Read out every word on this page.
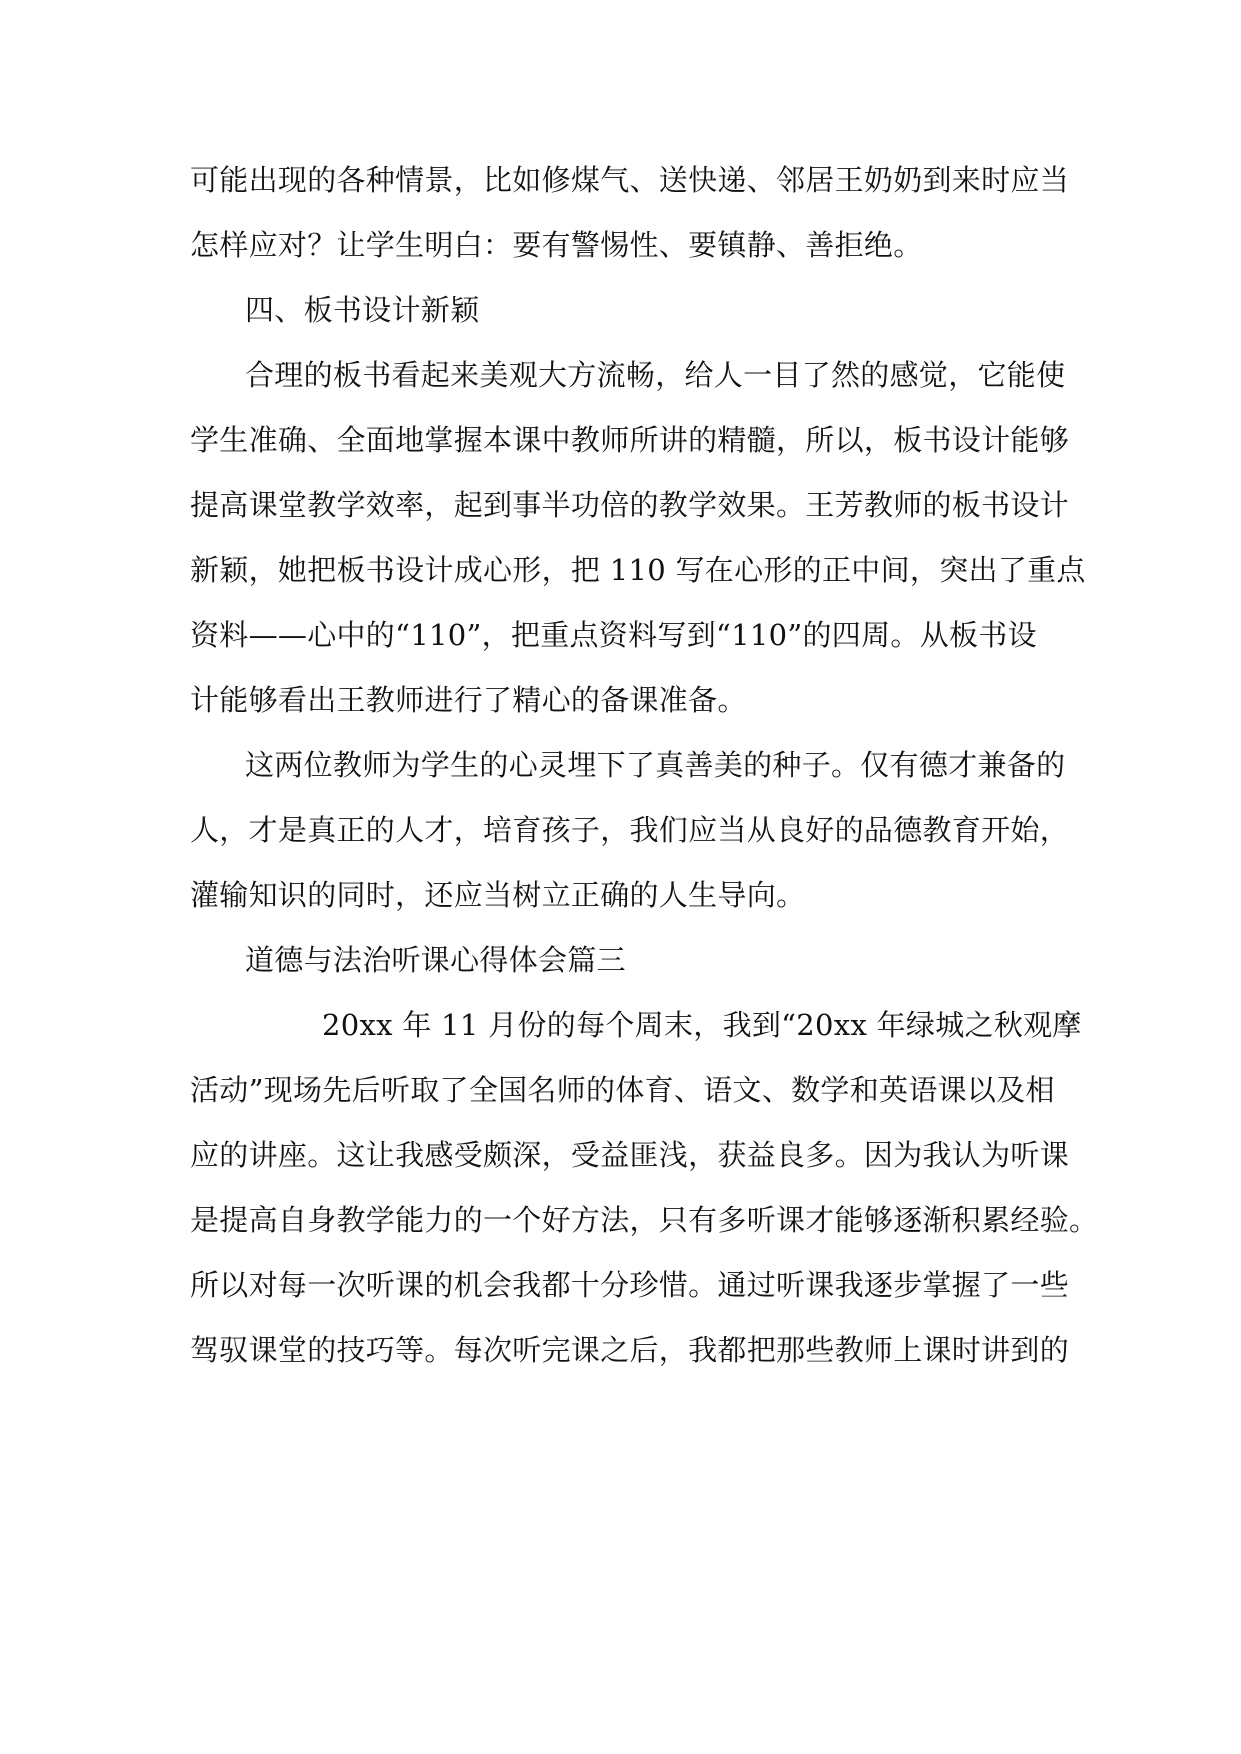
可能出现的各种情景，比如修煤气、送快递、邻居王奶奶到来时应当
怎样应对？让学生明白：要有警惕性、要镇静、善拒绝。
四、板书设计新颖
合理的板书看起来美观大方流畅，给人一目了然的感觉，它能使
学生准确、全面地掌握本课中教师所讲的精髓，所以，板书设计能够
提高课堂教学效率，起到事半功倍的教学效果。王芳教师的板书设计
新颖，她把板书设计成心形，把 110 写在心形的正中间，突出了重点
资料——心中的“110”，把重点资料写到“110”的四周。从板书设
计能够看出王教师进行了精心的备课准备。
这两位教师为学生的心灵埋下了真善美的种子。仅有德才兼备的
人，才是真正的人才，培育孩子，我们应当从良好的品德教育开始，
灌输知识的同时，还应当树立正确的人生导向。
道德与法治听课心得体会篇三
20xx 年 11 月份的每个周末，我到“20xx 年绿城之秋观摩
活动”现场先后听取了全国名师的体育、语文、数学和英语课以及相
应的讲座。这让我感受颇深，受益匪浅，获益良多。因为我认为听课
是提高自身教学能力的一个好方法，只有多听课才能够逐渐积累经验。
所以对每一次听课的机会我都十分珍惜。通过听课我逐步掌握了一些
驾驭课堂的技巧等。每次听完课之后，我都把那些教师上课时讲到的
